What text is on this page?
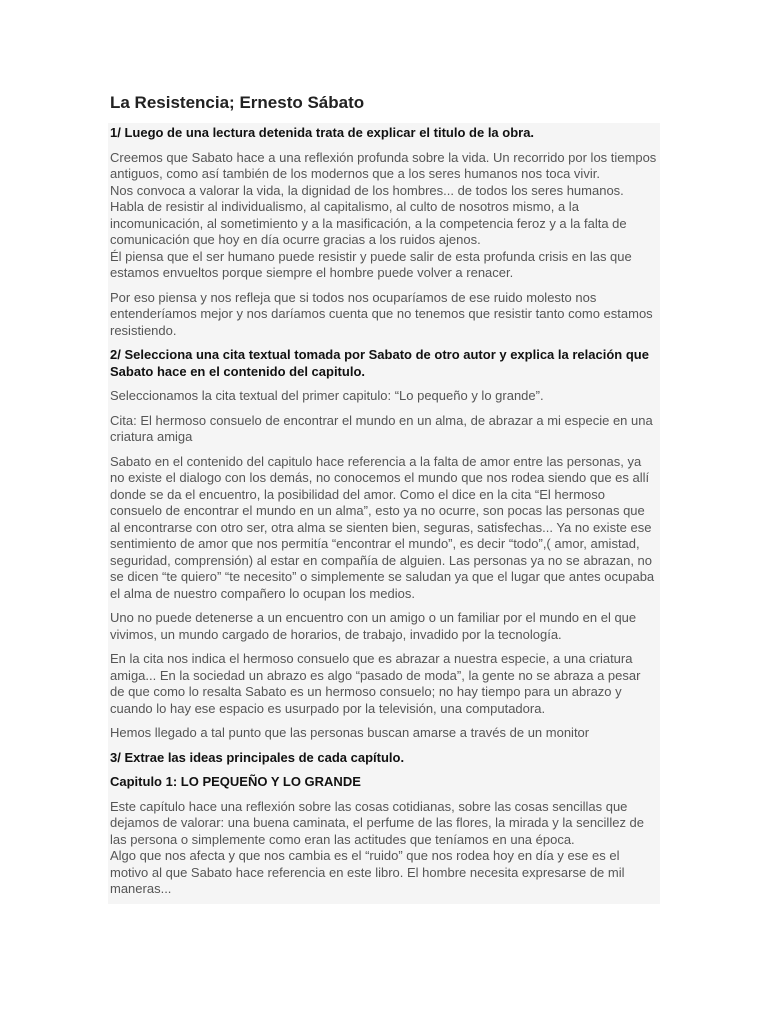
La Resistencia; Ernesto Sábato

1/ Luego de una lectura detenida trata de explicar el titulo de la obra.

Creemos que Sabato hace a una reflexión profunda sobre la vida. Un recorrido por los tiempos antiguos, como así también de los modernos que a los seres humanos nos toca vivir.
Nos convoca a valorar la vida, la dignidad de los hombres... de todos los seres humanos. Habla de resistir al individualismo, al capitalismo, al culto de nosotros mismo, a la incomunicación, al sometimiento y a la masificación, a la competencia feroz y a la falta de comunicación que hoy en día ocurre gracias a los ruidos ajenos.
Él piensa que el ser humano puede resistir y puede salir de esta profunda crisis en las que estamos envueltos porque siempre el hombre puede volver a renacer.

Por eso piensa y nos refleja que si todos nos ocuparíamos de ese ruido molesto nos entenderíamos mejor y nos daríamos cuenta que no tenemos que resistir tanto como estamos resistiendo.

2/ Selecciona una cita textual tomada por Sabato de otro autor y explica la relación que Sabato hace en el contenido del capitulo.

Seleccionamos la cita textual del primer capitulo: “Lo pequeño y lo grande”.

Cita: El hermoso consuelo de encontrar el mundo en un alma, de abrazar a mi especie en una criatura amiga

Sabato en el contenido del capitulo hace referencia a la falta de amor entre las personas, ya no existe el dialogo con los demás, no conocemos el mundo que nos rodea siendo que es allí donde se da el encuentro, la posibilidad del amor. Como el dice en la cita “El hermoso consuelo de encontrar el mundo en un alma”, esto ya no ocurre, son pocas las personas que al encontrarse con otro ser, otra alma se sienten bien, seguras, satisfechas... Ya no existe ese sentimiento de amor que nos permitía “encontrar el mundo”, es decir “todo”,( amor, amistad, seguridad, comprensión) al estar en compañía de alguien. Las personas ya no se abrazan, no se dicen “te quiero” “te necesito” o simplemente se saludan ya que el lugar que antes ocupaba el alma de nuestro compañero lo ocupan los medios.

Uno no puede detenerse a un encuentro con un amigo o un familiar por el mundo en el que vivimos, un mundo cargado de horarios, de trabajo, invadido por la tecnología.

En la cita nos indica el hermoso consuelo que es abrazar a nuestra especie, a una criatura amiga... En la sociedad un abrazo es algo “pasado de moda”, la gente no se abraza a pesar de que como lo resalta Sabato es un hermoso consuelo; no hay tiempo para un abrazo y cuando lo hay ese espacio es usurpado por la televisión, una computadora.

Hemos llegado a tal punto que las personas buscan amarse a través de un monitor

3/ Extrae las ideas principales de cada capítulo.

Capitulo 1: LO PEQUEÑO Y LO GRANDE

Este capítulo hace una reflexión sobre las cosas cotidianas, sobre las cosas sencillas que dejamos de valorar: una buena caminata, el perfume de las flores, la mirada y la sencillez de las persona o simplemente como eran las actitudes que teníamos en una época.
Algo que nos afecta y que nos cambia es el “ruido” que nos rodea hoy en día y ese es el motivo al que Sabato hace referencia en este libro. El hombre necesita expresarse de mil maneras...
